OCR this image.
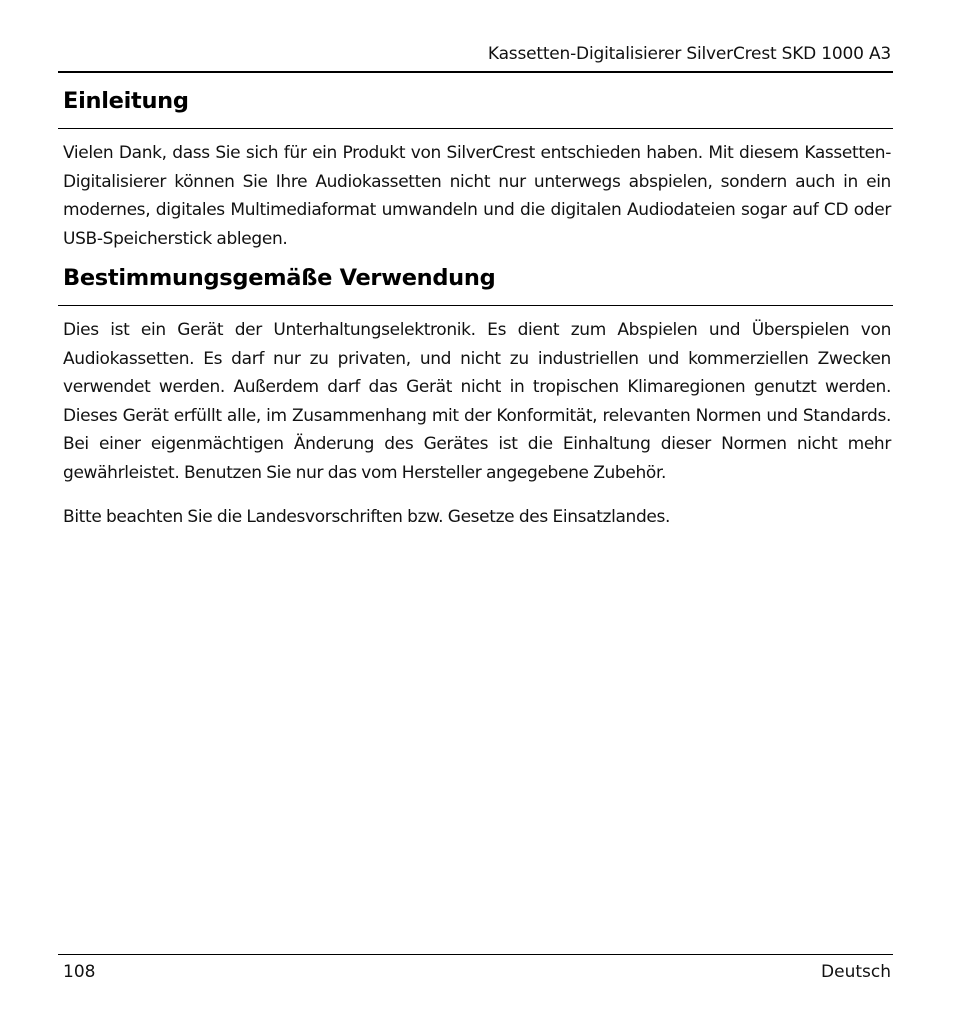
Kassetten-Digitalisierer SilverCrest SKD 1000 A3
Einleitung

Vielen Dank, dass Sie sich für ein Produkt von SilverCrest entschieden haben. Mit diesem Kassetten-Digitalisierer können Sie Ihre Audiokassetten nicht nur unterwegs abspielen, sondern auch in ein modernes, digitales Multimediaformat umwandeln und die digitalen Audiodateien sogar auf CD oder USB-Speicherstick ablegen.

Bestimmungsgemäße Verwendung

Dies ist ein Gerät der Unterhaltungselektronik. Es dient zum Abspielen und Überspielen von Audiokassetten. Es darf nur zu privaten, und nicht zu industriellen und kommerziellen Zwecken verwendet werden. Außerdem darf das Gerät nicht in tropischen Klimaregionen genutzt werden. Dieses Gerät erfüllt alle, im Zusammenhang mit der Konformität, relevanten Normen und Standards. Bei einer eigenmächtigen Änderung des Gerätes ist die Einhaltung dieser Normen nicht mehr gewährleistet. Benutzen Sie nur das vom Hersteller angegebene Zubehör.

Bitte beachten Sie die Landesvorschriften bzw. Gesetze des Einsatzlandes.

108	Deutsch
